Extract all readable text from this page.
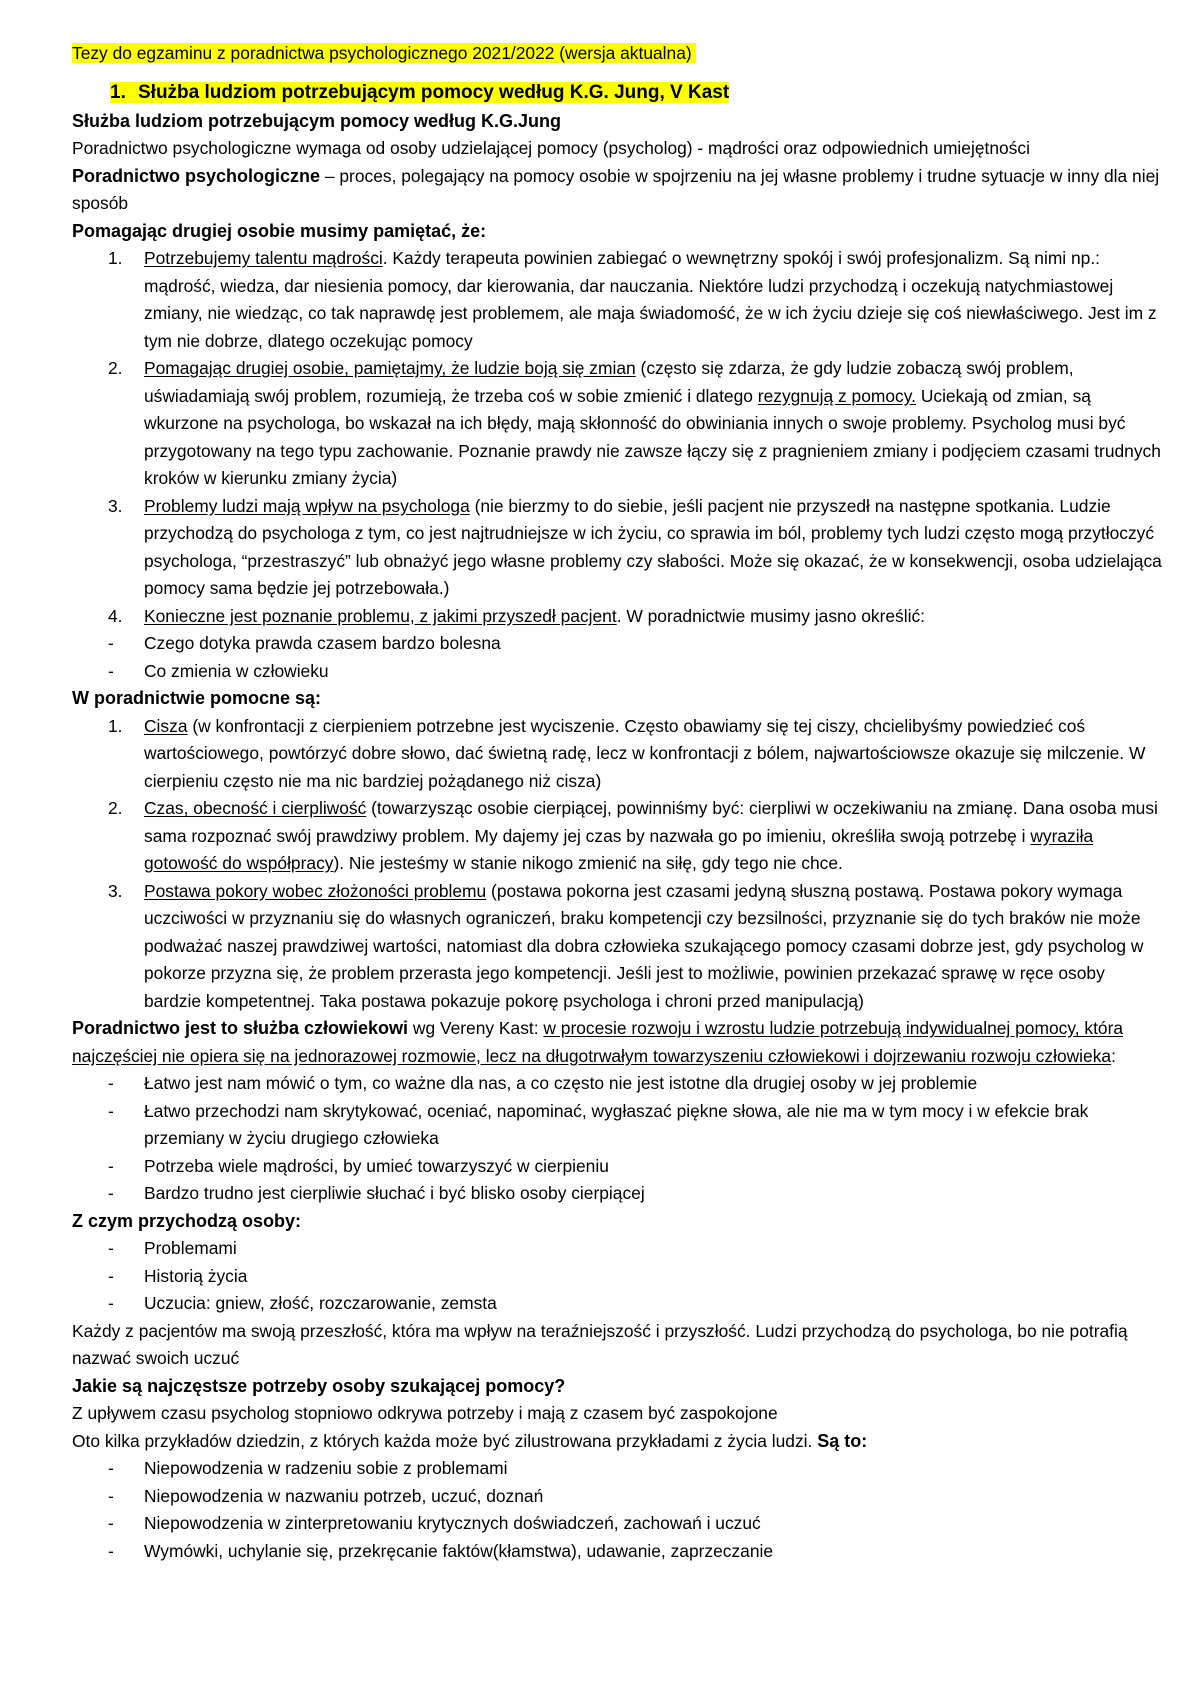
Tezy do egzaminu z poradnictwa psychologicznego 2021/2022 (wersja aktualna)
1. Służba ludziom potrzebującym pomocy według K.G. Jung, V Kast

Służba ludziom potrzebującym pomocy według K.G.Jung

Poradnictwo psychologiczne wymaga od osoby udzielającej pomocy (psycholog) - mądrości oraz odpowiednich umiejętności

Poradnictwo psychologiczne – proces, polegający na pomocy osobie w spojrzeniu na jej własne problemy i trudne sytuacje w inny dla niej sposób

Pomagając drugiej osobie musimy pamiętać, że:

1. Potrzebujemy talentu mądrości. Każdy terapeuta powinien zabiegać o wewnętrzny spokój i swój profesjonalizm. Są nimi np.: mądrość, wiedza, dar niesienia pomocy, dar kierowania, dar nauczania. Niektóre ludzi przychodzą i oczekują natychmiastowej zmiany, nie wiedząc, co tak naprawdę jest problemem, ale maja świadomość, że w ich życiu dzieje się coś niewłaściwego. Jest im z tym nie dobrze, dlatego oczekując pomocy
2. Pomagając drugiej osobie, pamiętajmy, że ludzie boją się zmian (często się zdarza, że gdy ludzie zobaczą swój problem, uświadamiają swój problem, rozumieją, że trzeba coś w sobie zmienić i dlatego rezygnują z pomocy. Uciekają od zmian, są wkurzone na psychologa, bo wskazał na ich błędy, mają skłonność do obwiniania innych o swoje problemy. Psycholog musi być przygotowany na tego typu zachowanie. Poznanie prawdy nie zawsze łączy się z pragnieniem zmiany i podjęciem czasami trudnych kroków w kierunku zmiany życia)
3. Problemy ludzi mają wpływ na psychologa (nie bierzmy to do siebie, jeśli pacjent nie przyszedł na następne spotkania. Ludzie przychodzą do psychologa z tym, co jest najtrudniejsze w ich życiu, co sprawia im ból, problemy tych ludzi często mogą przytłoczyć psychologa, “przestraszyć” lub obnażyć jego własne problemy czy słabości. Może się okazać, że w konsekwencji, osoba udzielająca pomocy sama będzie jej potrzebowała.)
4. Konieczne jest poznanie problemu, z jakimi przyszedł pacjent. W poradnictwie musimy jasno określić:
- Czego dotyka prawda czasem bardzo bolesna
- Co zmienia w człowieku

W poradnictwie pomocne są:

1. Cisza (w konfrontacji z cierpieniem potrzebne jest wyciszenie. Często obawiamy się tej ciszy, chcielibyśmy powiedzieć coś wartościowego, powtórzyć dobre słowo, dać świetną radę, lecz w konfrontacji z bólem, najwartościowsze okazuje się milczenie. W cierpieniu często nie ma nic bardziej pożądanego niż cisza)
2. Czas, obecność i cierpliwość (towarzysząc osobie cierpiącej, powinniśmy być: cierpliwi w oczekiwaniu na zmianę. Dana osoba musi sama rozpoznać swój prawdziwy problem. My dajemy jej czas by nazwała go po imieniu, określiła swoją potrzebę i wyraziła gotowość do współpracy). Nie jesteśmy w stanie nikogo zmienić na siłę, gdy tego nie chce.
3. Postawa pokory wobec złożoności problemu (postawa pokorna jest czasami jedyną słuszną postawą. Postawa pokory wymaga uczciwości w przyznaniu się do własnych ograniczeń, braku kompetencji czy bezsilności, przyznanie się do tych braków nie może podważać naszej prawdziwej wartości, natomiast dla dobra człowieka szukającego pomocy czasami dobrze jest, gdy psycholog w pokorze przyzna się, że problem przerasta jego kompetencji. Jeśli jest to możliwie, powinien przekazać sprawę w ręce osoby bardzie kompetentnej. Taka postawa pokazuje pokorę psychologa i chroni przed manipulacją)

Poradnictwo jest to służba człowiekowi wg Vereny Kast: w procesie rozwoju i wzrostu ludzie potrzebują indywidualnej pomocy, która najczęściej nie opiera się na jednorazowej rozmowie, lecz na długotrwałym towarzyszeniu człowiekowi i dojrzewaniu rozwoju człowieka:

- Łatwo jest nam mówić o tym, co ważne dla nas, a co często nie jest istotne dla drugiej osoby w jej problemie
- Łatwo przechodzi nam skrytykować, oceniać, napominać, wygłaszać piękne słowa, ale nie ma w tym mocy i w efekcie brak przemiany w życiu drugiego człowieka
- Potrzeba wiele mądrości, by umieć towarzyszyć w cierpieniu
- Bardzo trudno jest cierpliwie słuchać i być blisko osoby cierpiącej

Z czym przychodzą osoby:

- Problemami
- Historią życia
- Uczucia: gniew, złość, rozczarowanie, zemsta

Każdy z pacjentów ma swoją przeszłość, która ma wpływ na teraźniejszość i przyszłość. Ludzi przychodzą do psychologa, bo nie potrafią nazwać swoich uczuć

Jakie są najczęstsze potrzeby osoby szukającej pomocy?

Z upływem czasu psycholog stopniowo odkrywa potrzeby i mają z czasem być zaspokojone

Oto kilka przykładów dziedzin, z których każda może być zilustrowana przykładami z życia ludzi. Są to:

- Niepowodzenia w radzeniu sobie z problemami
- Niepowodzenia w nazwaniu potrzeb, uczuć, doznań
- Niepowodzenia w zinterpretowaniu krytycznych doświadczeń, zachowań i uczuć
- Wymówki, uchylanie się, przekręcanie faktów(kłamstwa), udawanie, zaprzeczanie
